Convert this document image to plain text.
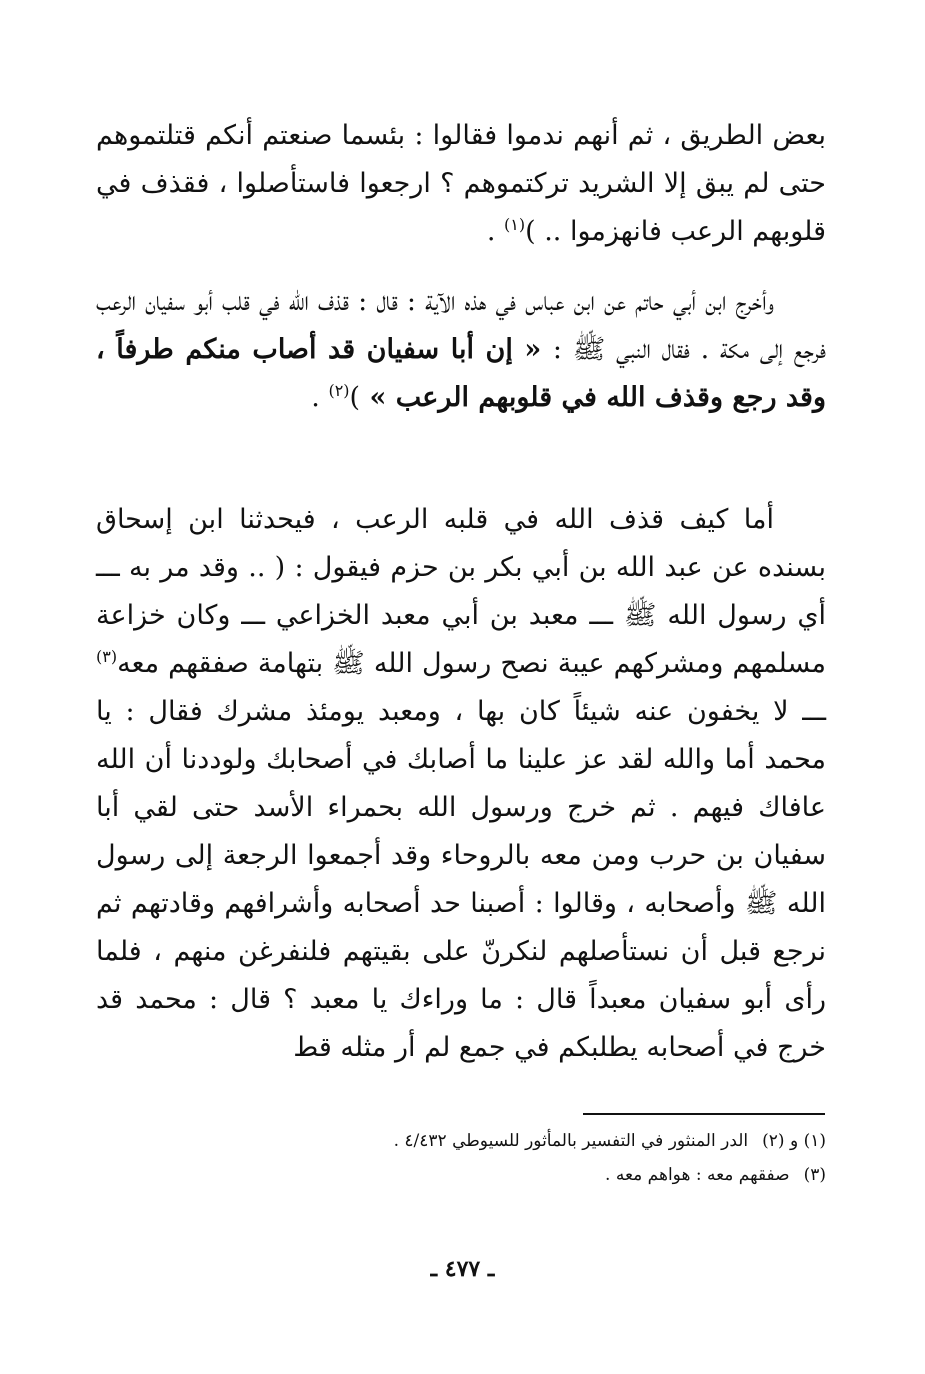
بعض الطريق ، ثم أنهم ندموا فقالوا : بئسما صنعتم أنكم قتلتموهم حتى لم يبق إلا الشريد تركتموهم ؟ ارجعوا فاستأصلوا ، فقذف في قلوبهم الرعب فانهزموا .. )$^{(١)}$ .

وأخرج ابن أبي حاتم عن ابن عباس في هذه الآية : قال : قذف الله في قلب أبو سفيان الرعب فرجع إلى مكة . فقال النبي ﷺ : « إن أبا سفيان قد أصاب منكم طرفاً ، وقد رجع وقذف الله في قلوبهم الرعب » )$^{(٢)}$ .

أما كيف قذف الله في قلبه الرعب ، فيحدثنا ابن إسحاق بسنده عن عبد الله بن أبي بكر بن حزم فيقول : ( .. وقد مر به ـــ أي رسول الله ﷺ ـــ معبد بن أبي معبد الخزاعي ـــ وكان خزاعة مسلمهم ومشركهم عيبة نصح رسول الله ﷺ بتهامة صفقهم معه$^{(٣)}$ ـــ لا يخفون عنه شيئاً كان بها ، ومعبد يومئذ مشرك فقال : يا محمد أما والله لقد عز علينا ما أصابك في أصحابك ولوددنا أن الله عافاك فيهم . ثم خرج ورسول الله بحمراء الأسد حتى لقي أبا سفيان بن حرب ومن معه بالروحاء وقد أجمعوا الرجعة إلى رسول الله ﷺ وأصحابه ، وقالوا : أصبنا حد أصحابه وأشرافهم وقادتهم ثم نرجع قبل أن نستأصلهم لنكرنّ على بقيتهم فلنفرغن منهم ، فلما رأى أبو سفيان معبداً قال : ما وراءك يا معبد ؟ قال : محمد قد خرج في أصحابه يطلبكم في جمع لم أر مثله قط

(١) و (٢)الدر المنثور في التفسير بالمأثور للسيوطي ٤/٤٣٢ .
(٣)صفقهم معه : هواهم معه .
ـ ٤٧٧ ـ
